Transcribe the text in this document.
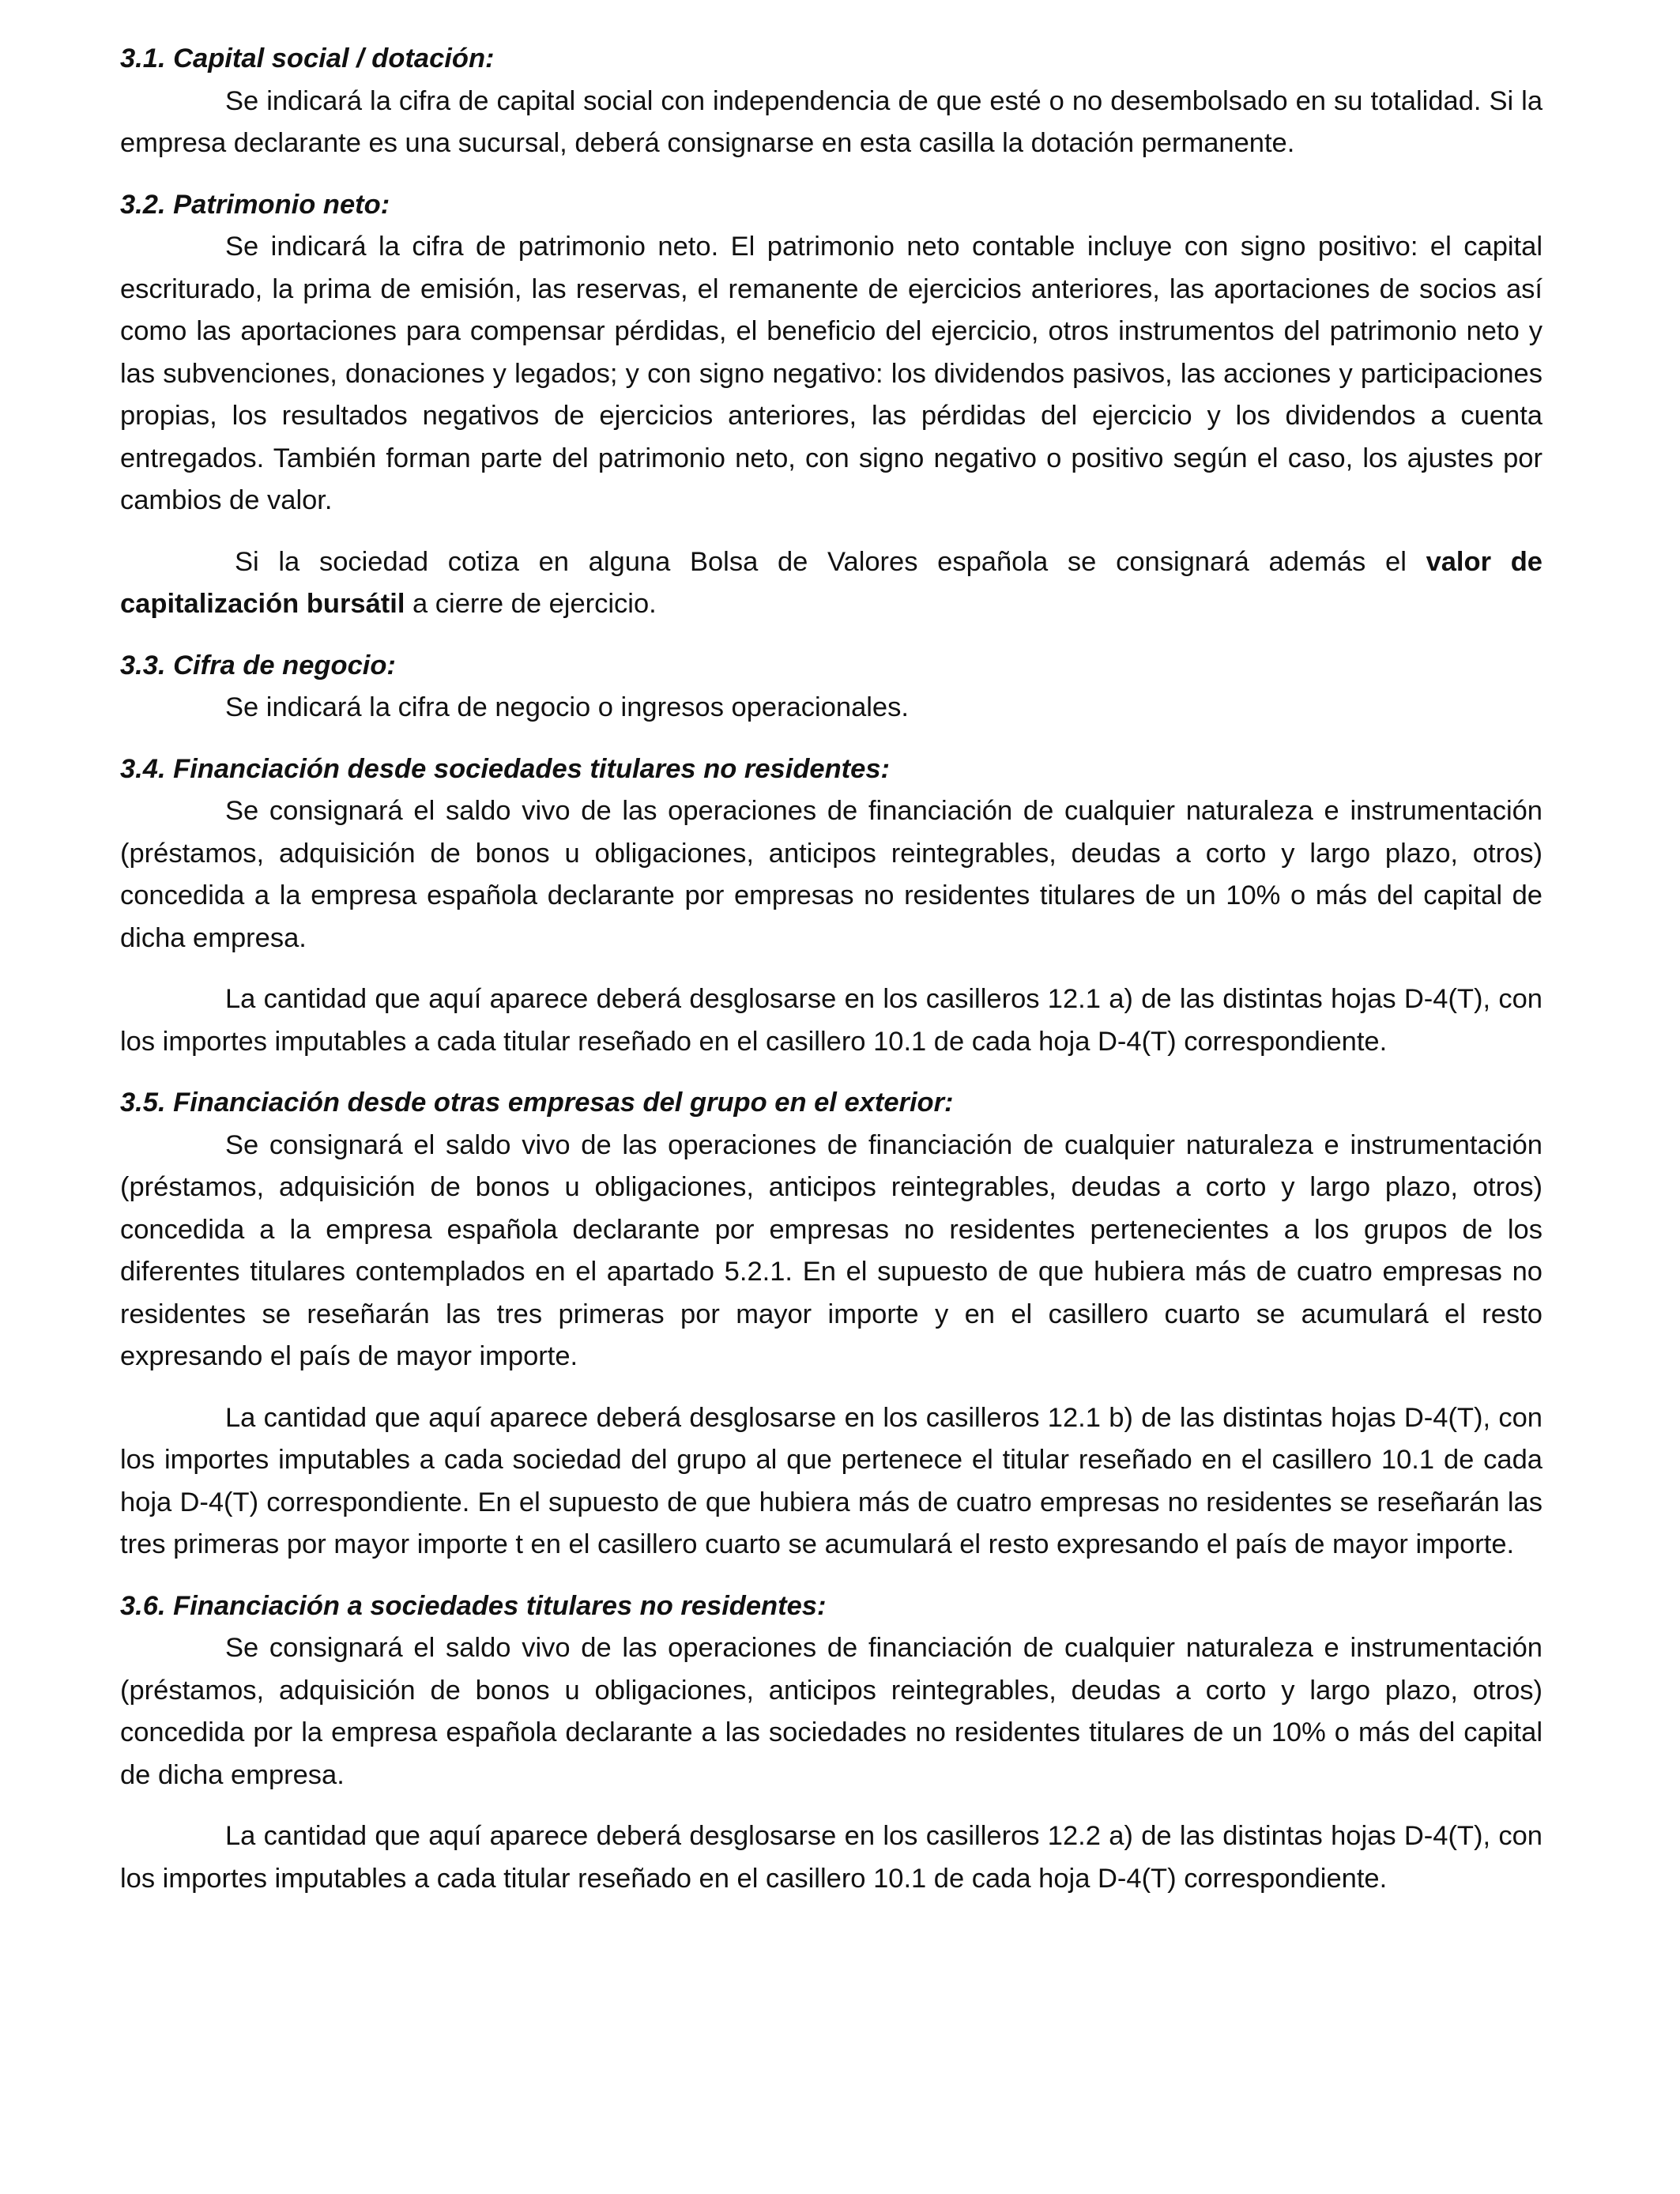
3.1. Capital social / dotación:

Se indicará la cifra de capital social con independencia de que esté o no desembolsado en su totalidad. Si la empresa declarante es una sucursal, deberá consignarse en esta casilla la dotación permanente.

3.2. Patrimonio neto:

Se indicará la cifra de patrimonio neto. El patrimonio neto contable incluye con signo positivo: el capital escriturado, la prima de emisión, las reservas, el remanente de ejercicios anteriores, las aportaciones de socios así como las aportaciones para compensar pérdidas, el beneficio del ejercicio, otros instrumentos del patrimonio neto y las subvenciones, donaciones y legados; y con signo negativo: los dividendos pasivos, las acciones y participaciones propias, los resultados negativos de ejercicios anteriores, las pérdidas del ejercicio y los dividendos a cuenta entregados. También forman parte del patrimonio neto, con signo negativo o positivo según el caso, los ajustes por cambios de valor.

Si la sociedad cotiza en alguna Bolsa de Valores española se consignará además el valor de capitalización bursátil a cierre de ejercicio.

3.3. Cifra de negocio:

Se indicará la cifra de negocio o ingresos operacionales.

3.4. Financiación desde sociedades titulares no residentes:

Se consignará el saldo vivo de las operaciones de financiación de cualquier naturaleza e instrumentación (préstamos, adquisición de bonos u obligaciones, anticipos reintegrables, deudas a corto y largo plazo, otros) concedida a la empresa española declarante por empresas no residentes titulares de un 10% o más del capital de dicha empresa.

La cantidad que aquí aparece deberá desglosarse en los casilleros 12.1 a) de las distintas hojas D-4(T), con los importes imputables a cada titular reseñado en el casillero 10.1 de cada hoja D-4(T) correspondiente.

3.5. Financiación desde otras empresas del grupo en el exterior:

Se consignará el saldo vivo de las operaciones de financiación de cualquier naturaleza e instrumentación (préstamos, adquisición de bonos u obligaciones, anticipos reintegrables, deudas a corto y largo plazo, otros) concedida a la empresa española declarante por empresas no residentes pertenecientes a los grupos de los diferentes titulares contemplados en el apartado 5.2.1. En el supuesto de que hubiera más de cuatro empresas no residentes se reseñarán las tres primeras por mayor importe y en el casillero cuarto se acumulará el resto expresando el país de mayor importe.

La cantidad que aquí aparece deberá desglosarse en los casilleros 12.1 b) de las distintas hojas D-4(T), con los importes imputables a cada sociedad del grupo al que pertenece el titular reseñado en el casillero 10.1 de cada hoja D-4(T) correspondiente. En el supuesto de que hubiera más de cuatro empresas no residentes se reseñarán las tres primeras por mayor importe t en el casillero cuarto se acumulará el resto expresando el país de mayor importe.

3.6. Financiación a sociedades titulares no residentes:

Se consignará el saldo vivo de las operaciones de financiación de cualquier naturaleza e instrumentación (préstamos, adquisición de bonos u obligaciones, anticipos reintegrables, deudas a corto y largo plazo, otros) concedida por la empresa española declarante a las sociedades no residentes titulares de un 10% o más del capital de dicha empresa.

La cantidad que aquí aparece deberá desglosarse en los casilleros 12.2 a) de las distintas hojas D-4(T), con los importes imputables a cada titular reseñado en el casillero 10.1 de cada hoja D-4(T) correspondiente.
